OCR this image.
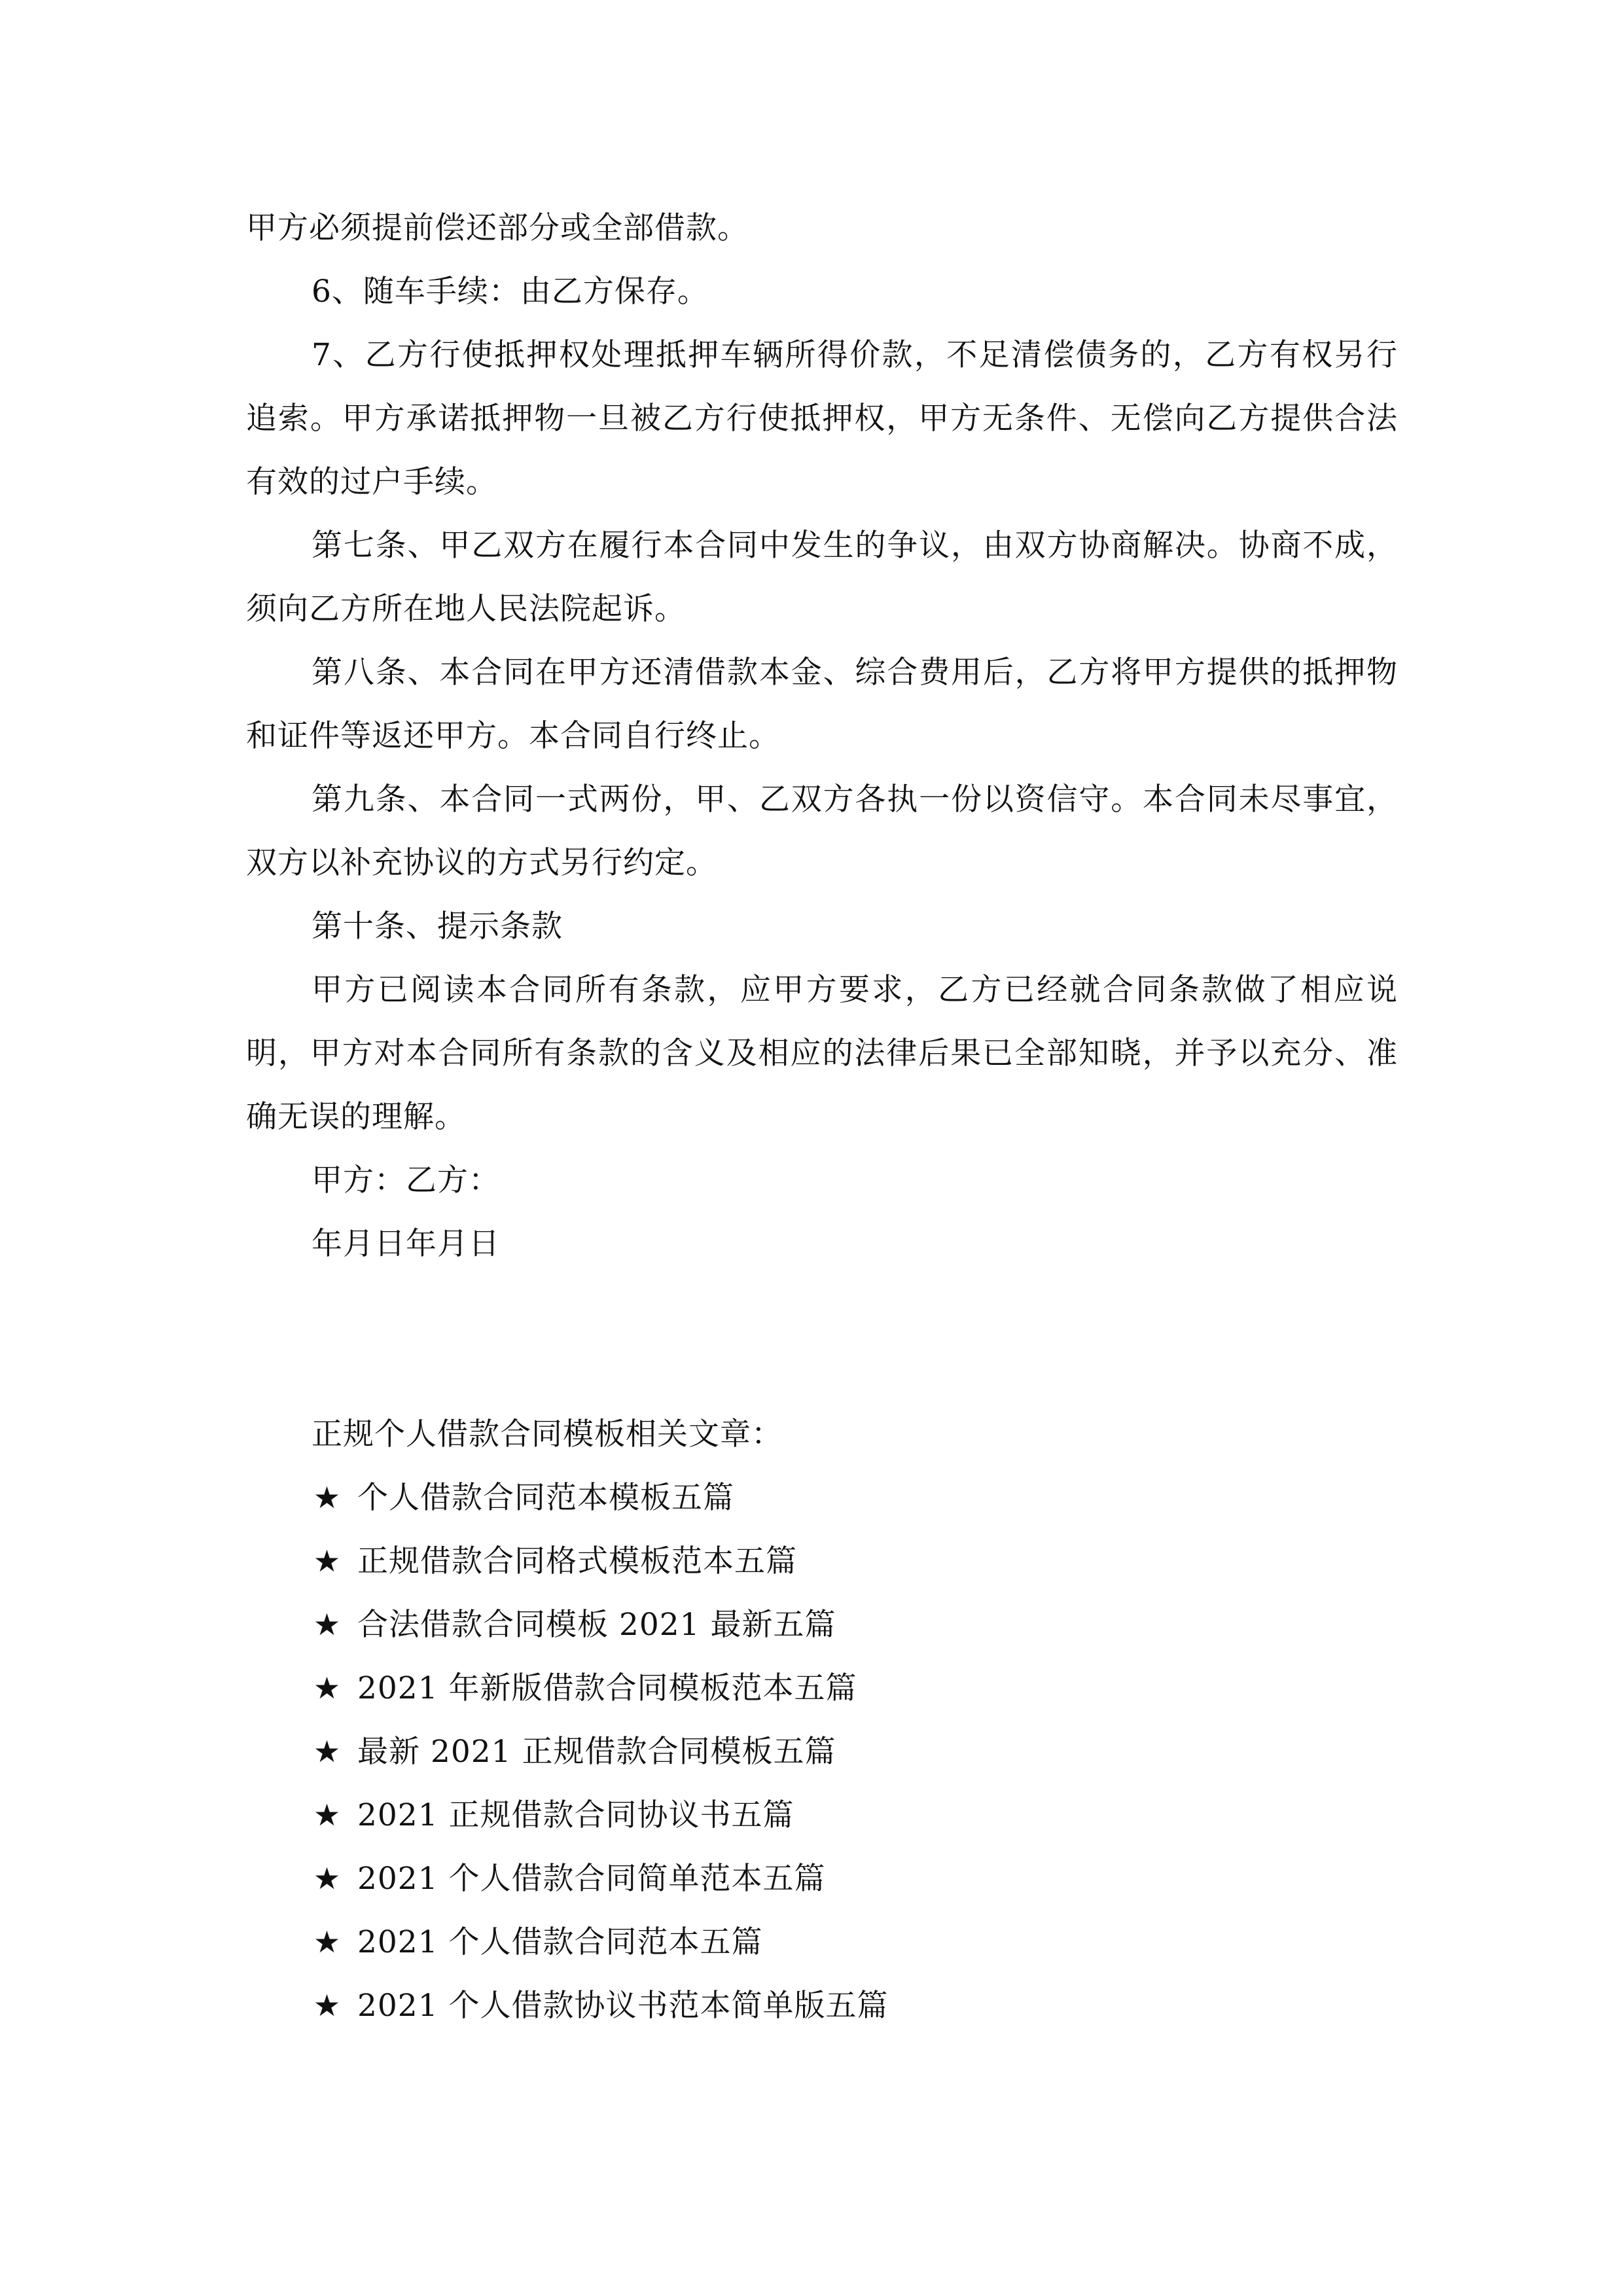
甲方必须提前偿还部分或全部借款。

6、随车手续：由乙方保存。

7、乙方行使抵押权处理抵押车辆所得价款，不足清偿债务的，乙方有权另行追索。甲方承诺抵押物一旦被乙方行使抵押权，甲方无条件、无偿向乙方提供合法有效的过户手续。

第七条、甲乙双方在履行本合同中发生的争议，由双方协商解决。协商不成，须向乙方所在地人民法院起诉。

第八条、本合同在甲方还清借款本金、综合费用后，乙方将甲方提供的抵押物和证件等返还甲方。本合同自行终止。

第九条、本合同一式两份，甲、乙双方各执一份以资信守。本合同未尽事宜，双方以补充协议的方式另行约定。

第十条、提示条款

甲方已阅读本合同所有条款，应甲方要求，乙方已经就合同条款做了相应说明，甲方对本合同所有条款的含义及相应的法律后果已全部知晓，并予以充分、准确无误的理解。

甲方：乙方：

年月日年月日

正规个人借款合同模板相关文章：

★ 个人借款合同范本模板五篇
★ 正规借款合同格式模板范本五篇
★ 合法借款合同模板 2021 最新五篇
★ 2021 年新版借款合同模板范本五篇
★ 最新 2021 正规借款合同模板五篇
★ 2021 正规借款合同协议书五篇
★ 2021 个人借款合同简单范本五篇
★ 2021 个人借款合同范本五篇
★ 2021 个人借款协议书范本简单版五篇
